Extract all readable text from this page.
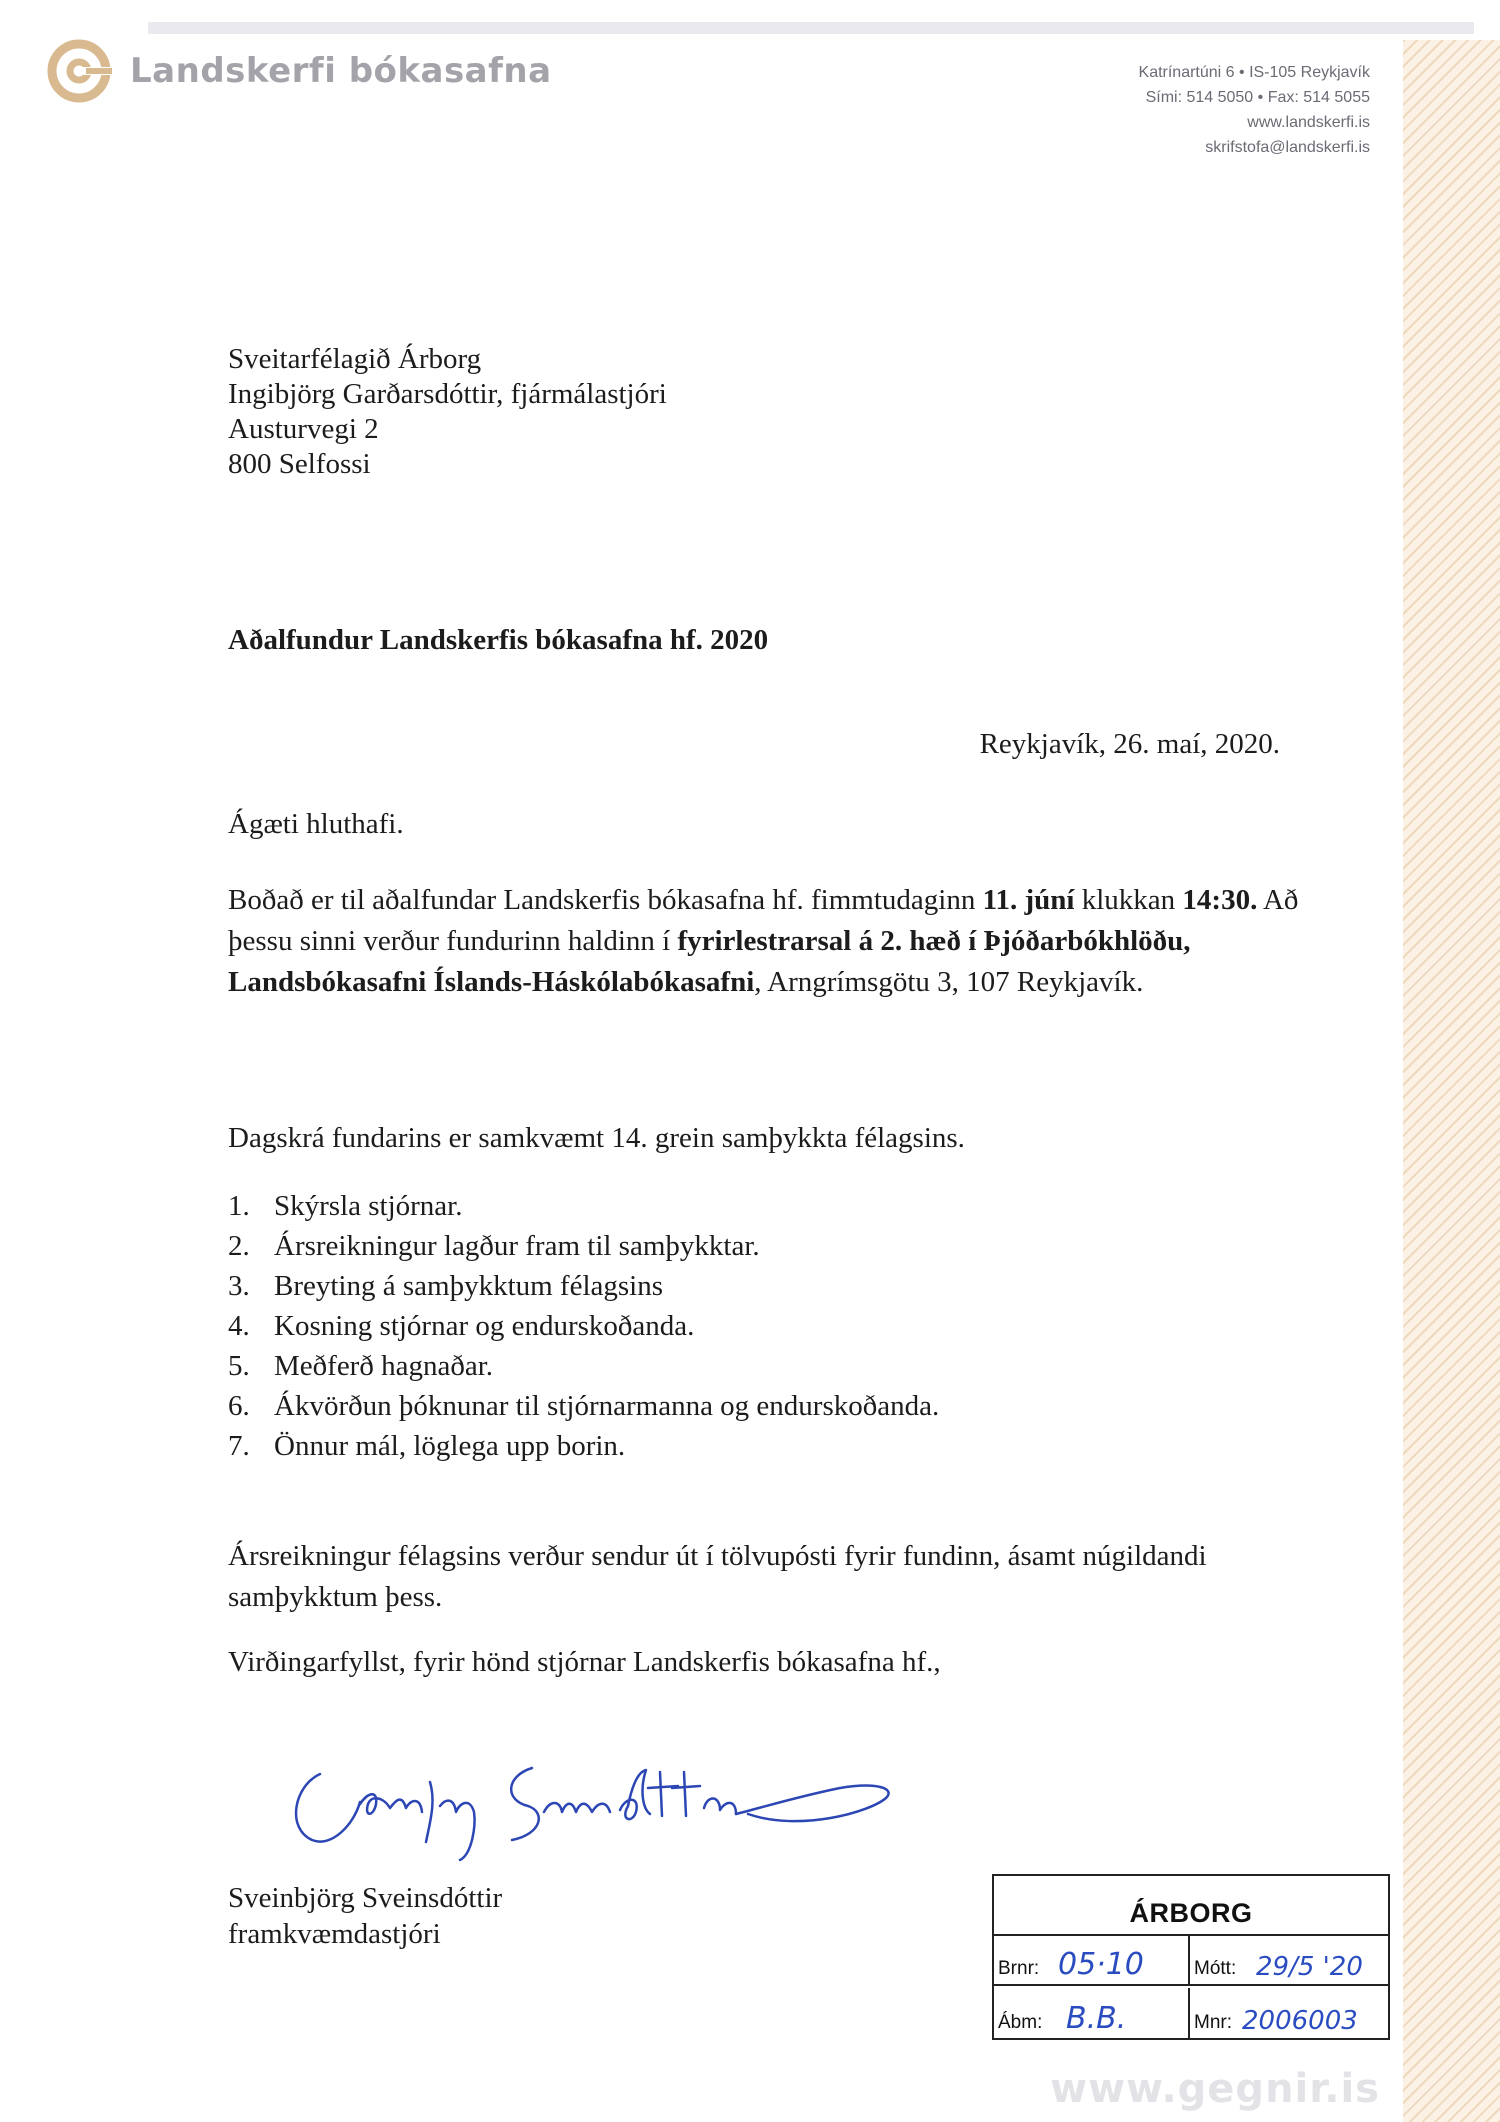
Landskerfi bókasafna	Katrínartúni 6 • IS-105 Reykjavík
Sími: 514 5050 • Fax: 514 5055
www.landskerfi.is
skrifstofa@landskerfi.is
Sveitarfélagið Árborg
Ingibjörg Garðarsdóttir, fjármálastjóri
Austurvegi 2
800 Selfossi
Aðalfundur Landskerfis bókasafna hf. 2020
Reykjavík, 26. maí, 2020.
Ágæti hluthafi.
Boðað er til aðalfundar Landskerfis bókasafna hf. fimmtudaginn 11. júní klukkan 14:30. Að þessu sinni verður fundurinn haldinn í fyrirlestrarsal á 2. hæð í Þjóðarbókhlöðu, Landsbókasafni Íslands-Háskólabókasafni, Arngrímsgötu 3, 107 Reykjavík.
Dagskrá fundarins er samkvæmt 14. grein samþykkta félagsins.
1. Skýrsla stjórnar.
2. Ársreikningur lagður fram til samþykktar.
3. Breyting á samþykktum félagsins
4. Kosning stjórnar og endurskoðanda.
5. Meðferð hagnaðar.
6. Ákvörðun þóknunar til stjórnarmanna og endurskoðanda.
7. Önnur mál, löglega upp borin.
Ársreikningur félagsins verður sendur út í tölvupósti fyrir fundinn, ásamt núgildandi samþykktum þess.
Virðingarfyllst, fyrir hönd stjórnar Landskerfis bókasafna hf.,
Sveinbjörg Sveinsdóttir
framkvæmdastjóri
ÁRBORG
Brnr: 05·10	Mótt: 29/5 '20
Ábm: B.B.	Mnr: 2006003
www.gegnir.is
